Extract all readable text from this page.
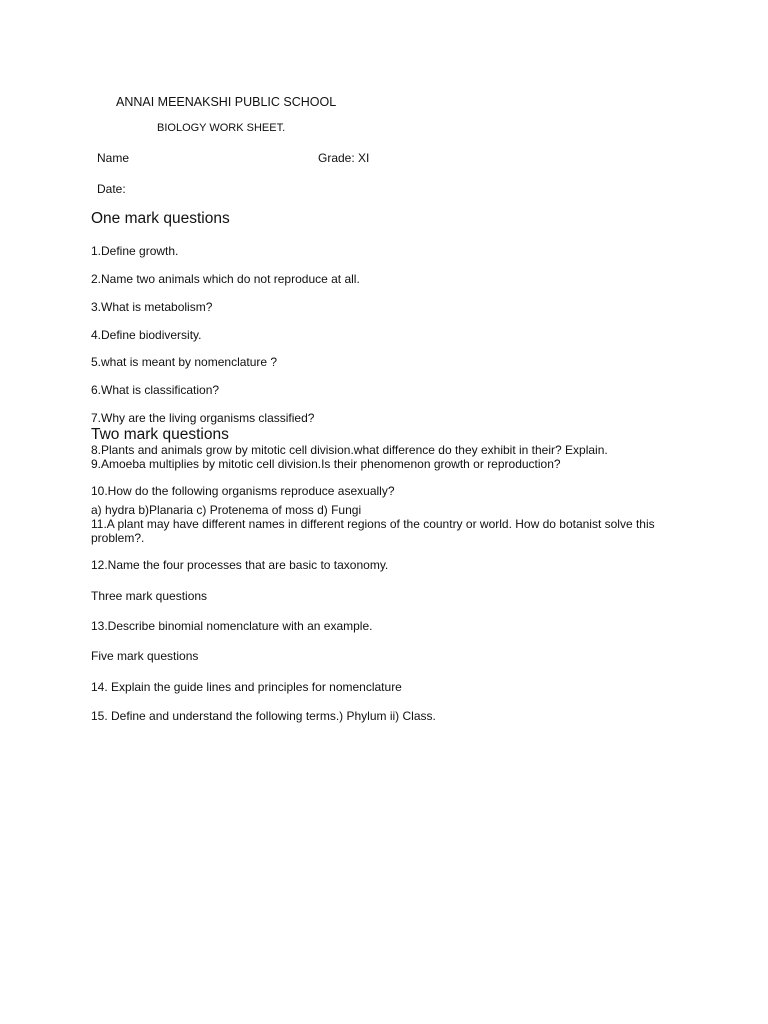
ANNAI MEENAKSHI PUBLIC SCHOOL
BIOLOGY WORK SHEET.
Name	Grade: XI
Date:
One mark questions
1.Define growth.
2.Name two animals which do not reproduce at all.
3.What is metabolism?
4.Define biodiversity.
5.what is meant by nomenclature ?
6.What is classification?
7.Why are the living organisms classified?
Two mark questions
8.Plants and animals grow by mitotic cell division.what difference do they exhibit in their? Explain.
9.Amoeba multiplies by mitotic cell division.Is their phenomenon growth or reproduction?
10.How do the following organisms reproduce asexually?
a) hydra b)Planaria c) Protenema of moss d) Fungi
11.A plant may have different names in different regions of the country or world. How do botanist solve this problem?.
12.Name the four processes that are basic to taxonomy.
Three mark questions
13.Describe binomial nomenclature with an example.
Five mark questions
14. Explain the guide lines and principles for nomenclature
15. Define and understand the following terms.) Phylum ii) Class.
